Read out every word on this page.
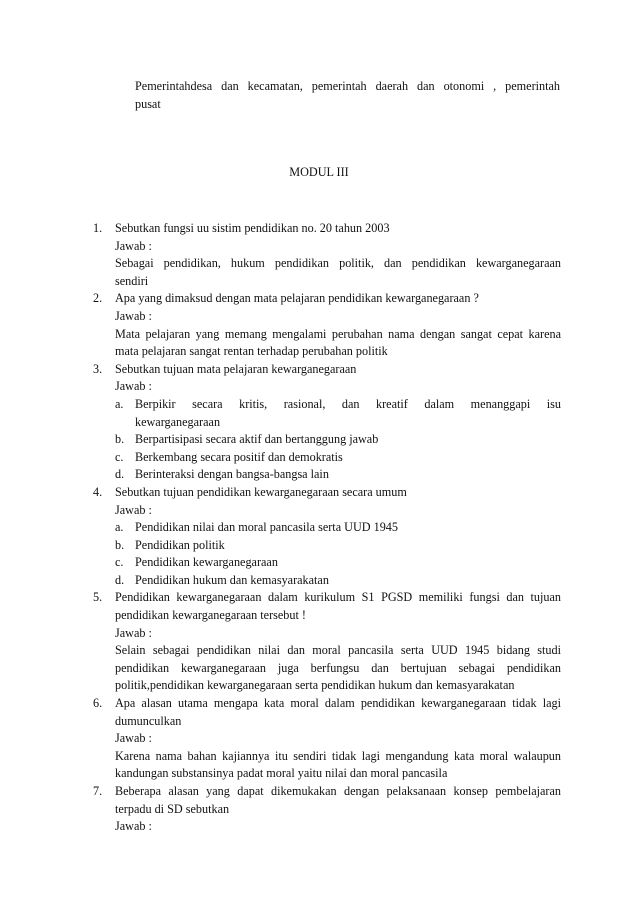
Pemerintahdesa dan kecamatan, pemerintah daerah dan otonomi , pemerintah
pusat
MODUL III
1. Sebutkan fungsi uu sistim pendidikan no. 20 tahun 2003
Jawab :
Sebagai pendidikan, hukum pendidikan politik, dan pendidikan kewarganegaraan
sendiri
2. Apa yang dimaksud dengan mata pelajaran pendidikan kewarganegaraan ?
Jawab :
Mata pelajaran yang memang mengalami perubahan nama dengan sangat cepat karena
mata pelajaran sangat rentan terhadap perubahan politik
3. Sebutkan tujuan mata pelajaran kewarganegaraan
Jawab :
a. Berpikir secara kritis, rasional, dan kreatif dalam menanggapi isu
kewarganegaraan
b. Berpartisipasi secara aktif dan bertanggung jawab
c. Berkembang secara positif dan demokratis
d. Berinteraksi dengan bangsa-bangsa lain
4. Sebutkan tujuan pendidikan kewarganegaraan secara umum
Jawab :
a. Pendidikan nilai dan moral pancasila serta UUD 1945
b. Pendidikan politik
c. Pendidikan kewarganegaraan
d. Pendidikan hukum dan kemasyarakatan
5. Pendidikan kewarganegaraan dalam kurikulum S1 PGSD memiliki fungsi dan tujuan
pendidikan kewarganegaraan tersebut !
Jawab :
Selain sebagai pendidikan nilai dan moral pancasila serta UUD 1945 bidang studi
pendidikan kewarganegaraan juga berfungsu dan bertujuan sebagai pendidikan
politik,pendidikan kewarganegaraan serta pendidikan hukum dan kemasyarakatan
6. Apa alasan utama mengapa kata moral dalam pendidikan kewarganegaraan tidak lagi
dumunculkan
Jawab :
Karena nama bahan kajiannya itu sendiri tidak lagi mengandung kata moral walaupun
kandungan substansinya padat moral yaitu nilai dan moral pancasila
7. Beberapa alasan yang dapat dikemukakan dengan pelaksanaan konsep pembelajaran
terpadu di SD sebutkan
Jawab :
